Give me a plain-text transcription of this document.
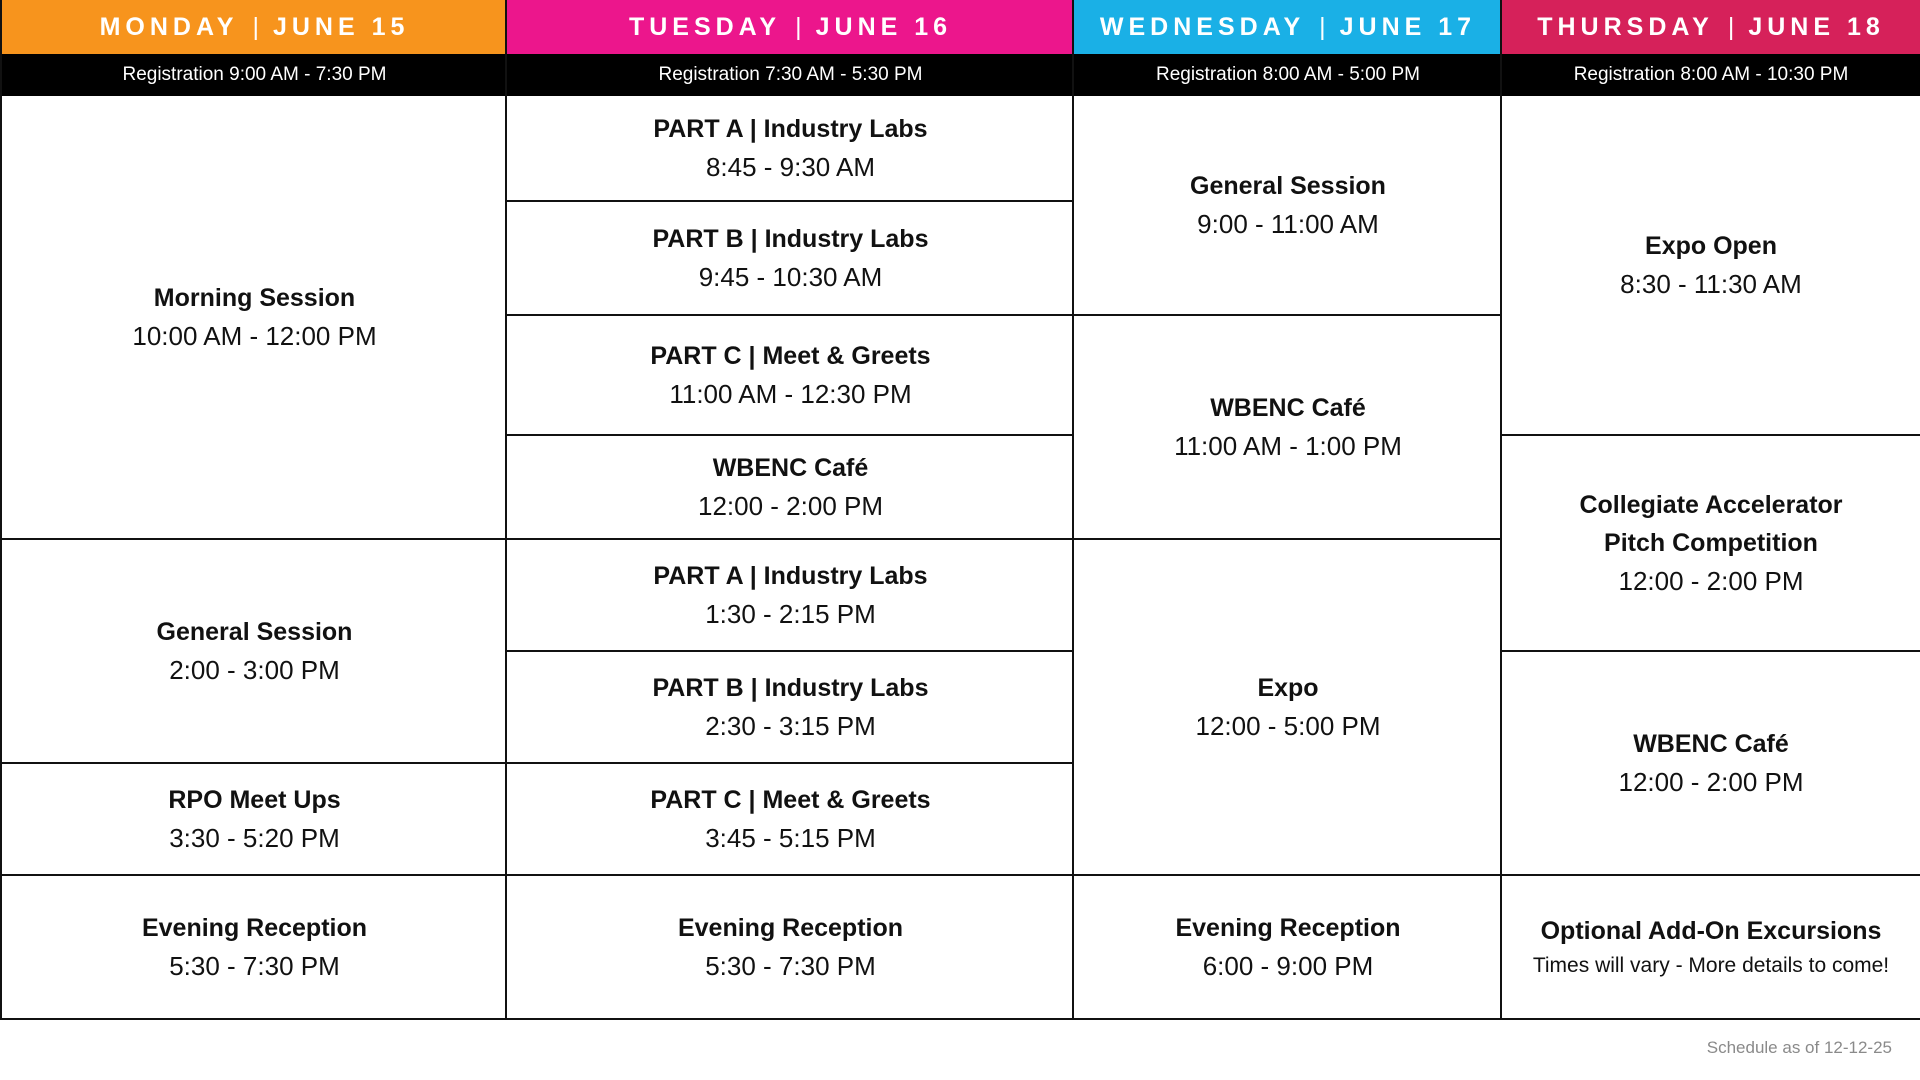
MONDAY | JUNE 15
Registration 9:00 AM - 7:30 PM
Morning Session
10:00 AM - 12:00 PM
General Session
2:00 - 3:00 PM
RPO Meet Ups
3:30 - 5:20 PM
Evening Reception
5:30 - 7:30 PM
TUESDAY | JUNE 16
Registration 7:30 AM - 5:30 PM
PART A | Industry Labs
8:45 - 9:30 AM
PART B | Industry Labs
9:45 - 10:30 AM
PART C | Meet & Greets
11:00 AM - 12:30 PM
WBENC Café
12:00 - 2:00 PM
PART A | Industry Labs
1:30 - 2:15 PM
PART B | Industry Labs
2:30 - 3:15 PM
PART C | Meet & Greets
3:45 - 5:15 PM
Evening Reception
5:30 - 7:30 PM
WEDNESDAY | JUNE 17
Registration 8:00 AM - 5:00 PM
General Session
9:00 - 11:00 AM
WBENC Café
11:00 AM - 1:00 PM
Expo
12:00 - 5:00 PM
Evening Reception
6:00 - 9:00 PM
THURSDAY | JUNE 18
Registration 8:00 AM - 10:30 PM
Expo Open
8:30 - 11:30 AM
Collegiate Accelerator
Pitch Competition
12:00 - 2:00 PM
WBENC Café
12:00 - 2:00 PM
Optional Add-On Excursions
Times will vary - More details to come!
Schedule as of 12-12-25
